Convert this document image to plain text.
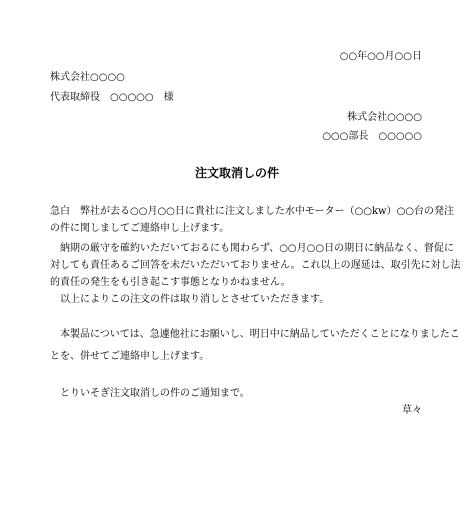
○○年○○月○○日

株式会社○○○○

代表取締役　○○○○○　様

株式会社○○○○

○○○部長　○○○○○

注文取消しの件

急白　弊社が去る○○月○○日に貴社に注文しました水中モーター（○○kw）○○台の発注
の件に関しましてご連絡申し上げます。
　納期の厳守を確約いただいておるにも関わらず、○○月○○日の期日に納品なく、督促に
対しても責任あるご回答を未だいただいておりません。これ以上の遅延は、取引先に対し法
的責任の発生をも引き起こす事態となりかねません。
　以上によりこの注文の件は取り消しとさせていただきます。
　本製品については、急遽他社にお願いし、明日中に納品していただくことになりましたこ
とを、併せてご連絡申し上げます。
　とりいそぎ注文取消しの件のご通知まで。

草々
